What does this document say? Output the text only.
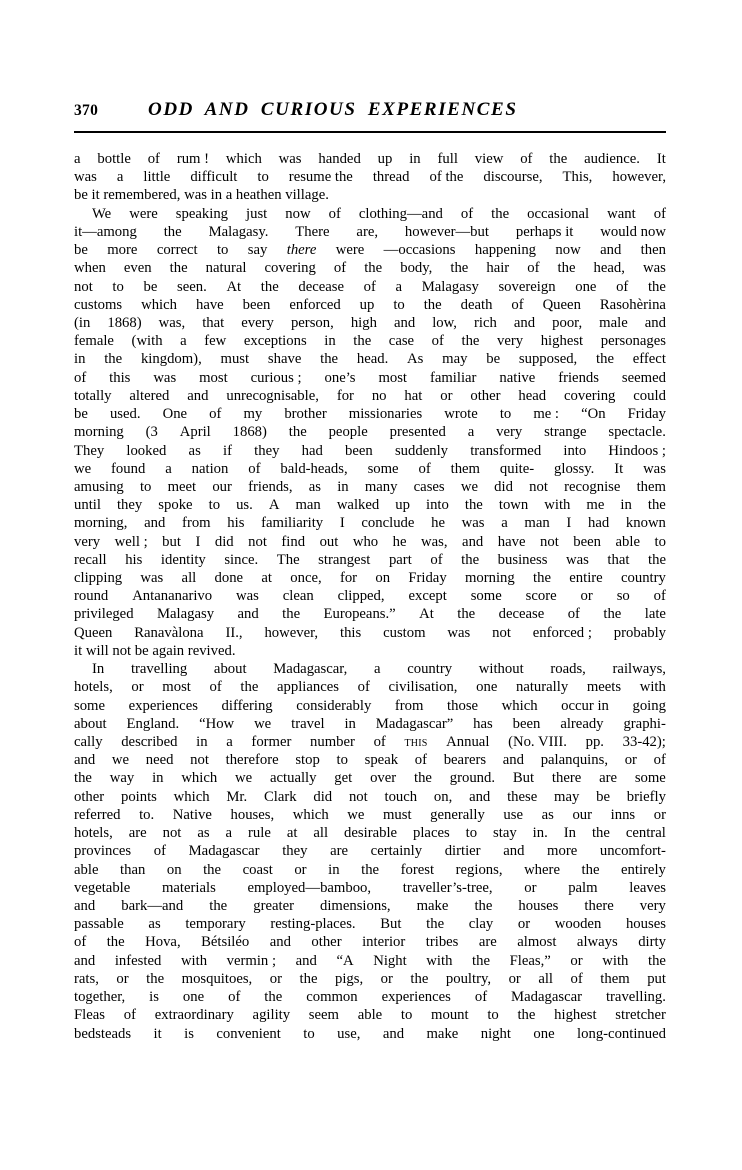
370	ODD AND CURIOUS EXPERIENCES
a bottle of rum ! which was handed up in full view of the audience. It
was a little difficult to resume the thread of the discourse, This, however,
be it remembered, was in a heathen village.
We were speaking just now of clothing—and of the occasional want of
it—among the Malagasy. There are, however—but perhaps it would now
be more correct to say there were —occasions happening now and then
when even the natural covering of the body, the hair of the head, was
not to be seen. At the decease of a Malagasy sovereign one of the
customs which have been enforced up to the death of Queen Rasohèrina
(in 1868) was, that every person, high and low, rich and poor, male and
female (with a few exceptions in the case of the very highest personages
in the kingdom), must shave the head. As may be supposed, the effect
of this was most curious ; one’s most familiar native friends seemed
totally altered and unrecognisable, for no hat or other head covering could
be used. One of my brother missionaries wrote to me : “On Friday
morning (3 April 1868) the people presented a very strange spectacle.
They looked as if they had been suddenly transformed into Hindoos ;
we found a nation of bald-heads, some of them quite- glossy. It was
amusing to meet our friends, as in many cases we did not recognise them
until they spoke to us. A man walked up into the town with me in the
morning, and from his familiarity I conclude he was a man I had known
very well ; but I did not find out who he was, and have not been able to
recall his identity since. The strangest part of the business was that the
clipping was all done at once, for on Friday morning the entire country
round Antananarivo was clean clipped, except some score or so of
privileged Malagasy and the Europeans.” At the decease of the late
Queen Ranavàlona II., however, this custom was not enforced ; probably
it will not be again revived.
In travelling about Madagascar, a country without roads, railways,
hotels, or most of the appliances of civilisation, one naturally meets with
some experiences differing considerably from those which occur in going
about England. “How we travel in Madagascar” has been already graphi-
cally described in a former number of this Annual (No. VIII. pp. 33-42);
and we need not therefore stop to speak of bearers and palanquins, or of
the way in which we actually get over the ground. But there are some
other points which Mr. Clark did not touch on, and these may be briefly
referred to. Native houses, which we must generally use as our inns or
hotels, are not as a rule at all desirable places to stay in. In the central
provinces of Madagascar they are certainly dirtier and more uncomfort-
able than on the coast or in the forest regions, where the entirely
vegetable materials employed—bamboo, traveller’s-tree, or palm leaves
and bark—and the greater dimensions, make the houses there very
passable as temporary resting-places. But the clay or wooden houses
of the Hova, Bétsiléo and other interior tribes are almost always dirty
and infested with vermin ; and “A Night with the Fleas,” or with the
rats, or the mosquitoes, or the pigs, or the poultry, or all of them put
together, is one of the common experiences of Madagascar travelling.
Fleas of extraordinary agility seem able to mount to the highest stretcher
bedsteads it is convenient to use, and make night one long-continued
